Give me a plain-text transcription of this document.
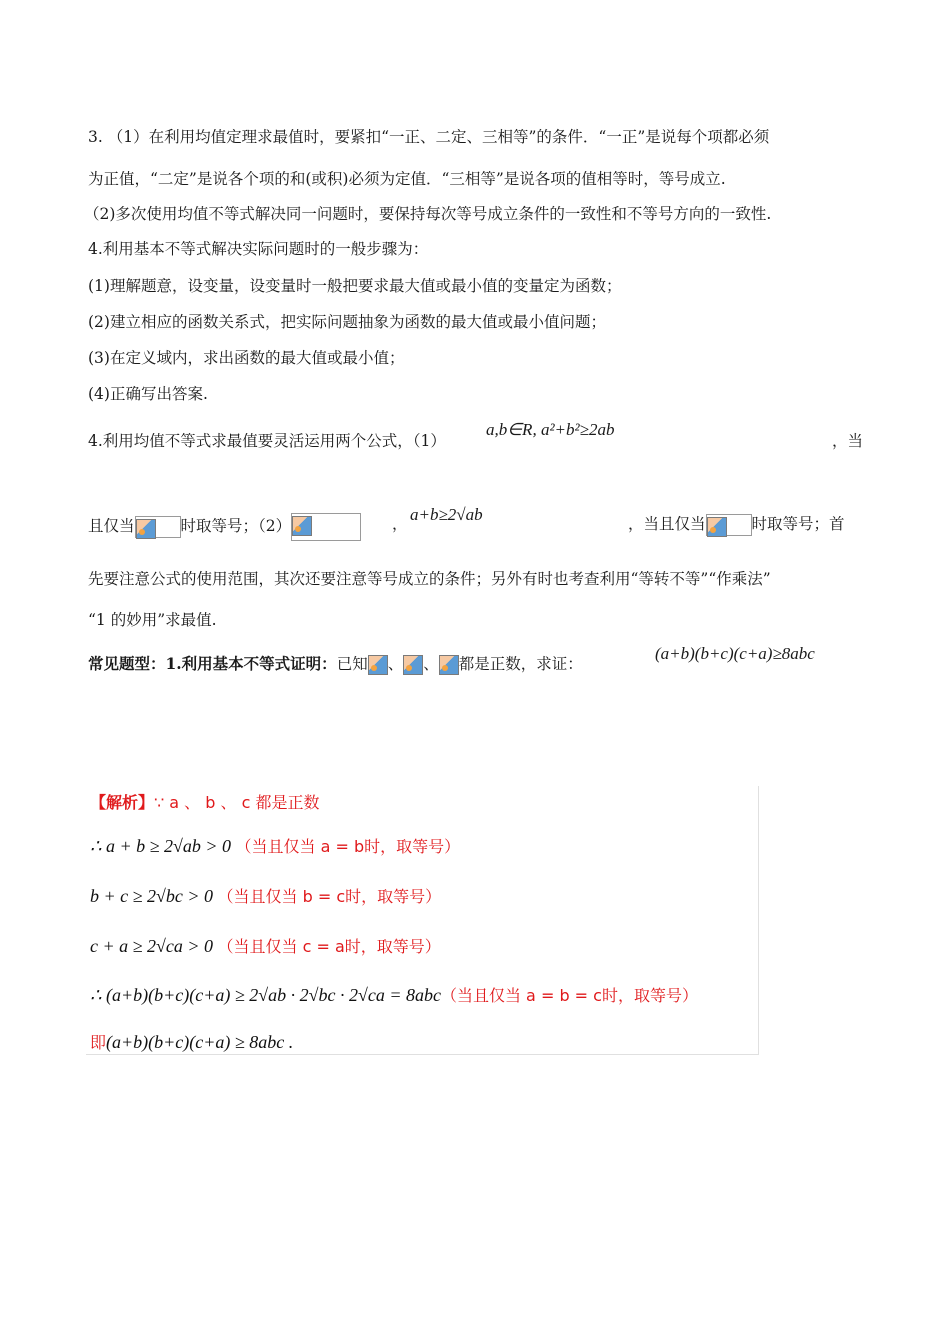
3. （1）在利用均值定理求最值时，要紧扣“一正、二定、三相等”的条件．“一正”是说每个项都必须
为正值，“二定”是说各个项的和(或积)必须为定值．“三相等”是说各项的值相等时，等号成立.
（2)多次使用均值不等式解决同一问题时，要保持每次等号成立条件的一致性和不等号方向的一致性.
4.利用基本不等式解决实际问题时的一般步骤为：
(1)理解题意，设变量，设变量时一般把要求最大值或最小值的变量定为函数；
(2)建立相应的函数关系式，把实际问题抽象为函数的最大值或最小值问题；
(3)在定义域内，求出函数的最大值或最小值；
(4)正确写出答案.
4.利用均值不等式求最值要灵活运用两个公式，（1）
a,b∈R, a²+b²≥2ab
，当
且仅当	时取等号；（2）	， a+b≥2√ab	，当且仅当	时取等号；首
先要注意公式的使用范围，其次还要注意等号成立的条件；另外有时也考查利用“等转不等”“作乘法”
“1 的妙用”求最值.
常见题型：1.利用基本不等式证明：已知 、 、 都是正数，求证：
(a+b)(b+c)(c+a)≥8abc
【解析】∵ a 、 b 、 c 都是正数
∴ a + b ≥ 2√ab > 0 （当且仅当 a = b时，取等号）
b + c ≥ 2√bc > 0 （当且仅当 b = c时，取等号）
c + a ≥ 2√ca > 0 （当且仅当 c = a时，取等号）
∴ (a+b)(b+c)(c+a) ≥ 2√ab · 2√bc · 2√ca = 8abc（当且仅当 a = b = c时，取等号）
即(a+b)(b+c)(c+a) ≥ 8abc .
